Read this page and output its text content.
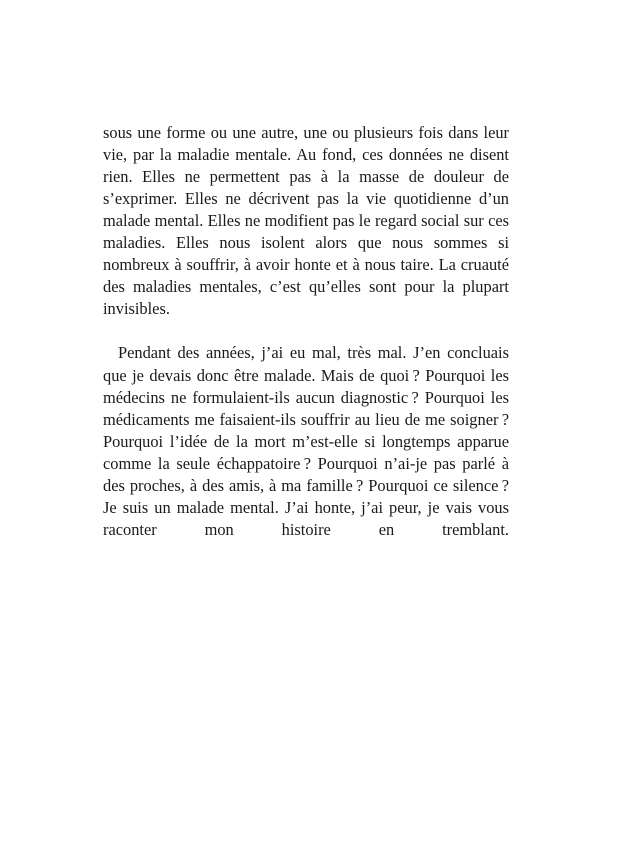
sous une forme ou une autre, une ou plusieurs fois dans leur vie, par la maladie mentale. Au fond, ces données ne disent rien. Elles ne permettent pas à la masse de douleur de s’exprimer. Elles ne décrivent pas la vie quotidienne d’un malade mental. Elles ne modifient pas le regard social sur ces maladies. Elles nous isolent alors que nous sommes si nombreux à souffrir, à avoir honte et à nous taire. La cruauté des maladies mentales, c’est qu’elles sont pour la plupart invisibles.

Pendant des années, j’ai eu mal, très mal. J’en concluais que je devais donc être malade. Mais de quoi ? Pourquoi les médecins ne formulaient-ils aucun diagnostic ? Pourquoi les médicaments me faisaient-ils souffrir au lieu de me soigner ? Pourquoi l’idée de la mort m’est-elle si longtemps apparue comme la seule échappatoire ? Pourquoi n’ai-je pas parlé à des proches, à des amis, à ma famille ? Pourquoi ce silence ? Je suis un malade mental. J’ai honte, j’ai peur, je vais vous raconter mon histoire en tremblant.
